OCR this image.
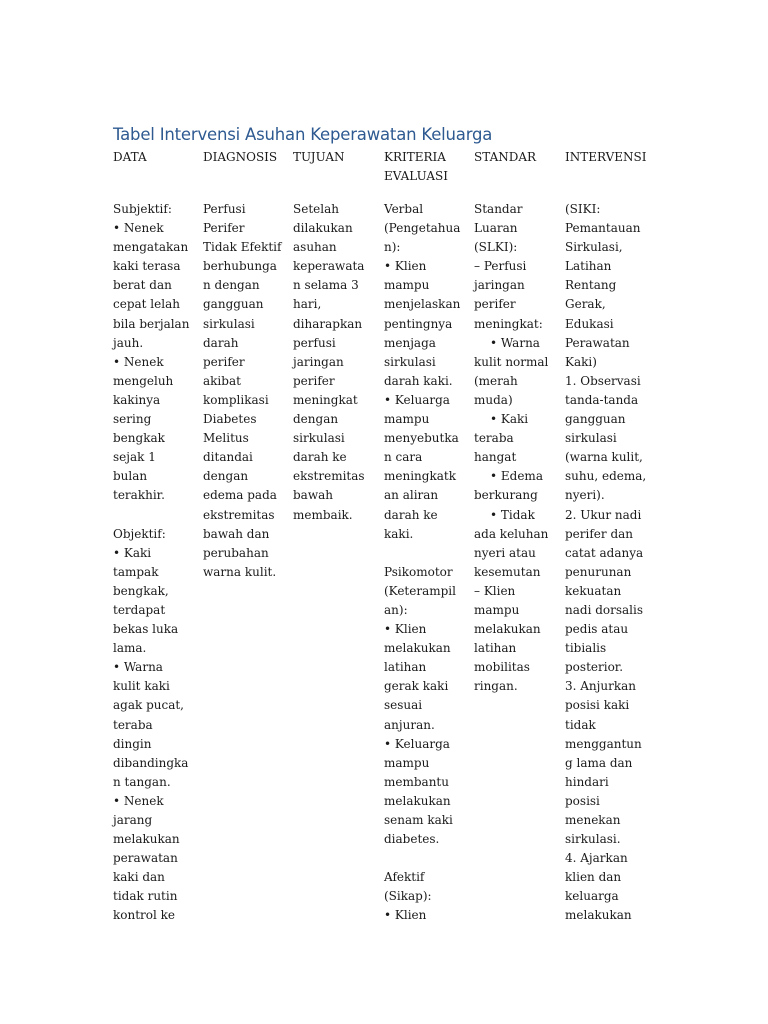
Tabel Intervensi Asuhan Keperawatan Keluarga
DATA
Subjektif:
• Nenek
mengatakan
kaki terasa
berat dan
cepat lelah
bila berjalan
jauh.
• Nenek
mengeluh
kakinya
sering
bengkak
sejak 1
bulan
terakhir.
Objektif:
• Kaki
tampak
bengkak,
terdapat
bekas luka
lama.
• Warna
kulit kaki
agak pucat,
teraba
dingin
dibandingka
n tangan.
• Nenek
jarang
melakukan
perawatan
kaki dan
tidak rutin
kontrol ke
DIAGNOSIS
Perfusi
Perifer
Tidak Efektif
berhubunga
n dengan
gangguan
sirkulasi
darah
perifer
akibat
komplikasi
Diabetes
Melitus
ditandai
dengan
edema pada
ekstremitas
bawah dan
perubahan
warna kulit.
TUJUAN
Setelah
dilakukan
asuhan
keperawata
n selama 3
hari,
diharapkan
perfusi
jaringan
perifer
meningkat
dengan
sirkulasi
darah ke
ekstremitas
bawah
membaik.
KRITERIA
EVALUASI
Verbal
(Pengetahua
n):
• Klien
mampu
menjelaskan
pentingnya
menjaga
sirkulasi
darah kaki.
• Keluarga
mampu
menyebutka
n cara
meningkatk
an aliran
darah ke
kaki.
Psikomotor
(Keterampil
an):
• Klien
melakukan
latihan
gerak kaki
sesuai
anjuran.
• Keluarga
mampu
membantu
melakukan
senam kaki
diabetes.
Afektif
(Sikap):
• Klien
STANDAR
Standar
Luaran
(SLKI):
– Perfusi
jaringan
perifer
meningkat:
• Warna
kulit normal
(merah
muda)
• Kaki
teraba
hangat
• Edema
berkurang
• Tidak
ada keluhan
nyeri atau
kesemutan
– Klien
mampu
melakukan
latihan
mobilitas
ringan.
INTERVENSI
(SIKI:
Pemantauan
Sirkulasi,
Latihan
Rentang
Gerak,
Edukasi
Perawatan
Kaki)
1. Observasi
tanda-tanda
gangguan
sirkulasi
(warna kulit,
suhu, edema,
nyeri).
2. Ukur nadi
perifer dan
catat adanya
penurunan
kekuatan
nadi dorsalis
pedis atau
tibialis
posterior.
3. Anjurkan
posisi kaki
tidak
menggantun
g lama dan
hindari
posisi
menekan
sirkulasi.
4. Ajarkan
klien dan
keluarga
melakukan
